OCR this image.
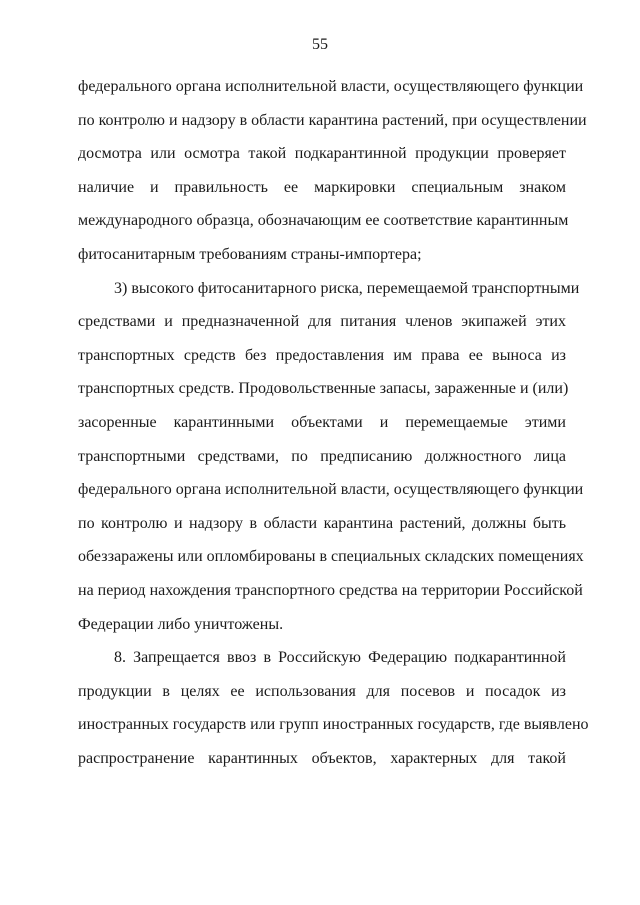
55
федерального органа исполнительной власти, осуществляющего функции
по контролю и надзору в области карантина растений, при осуществлении
досмотра или осмотра такой подкарантинной продукции проверяет
наличие и правильность ее маркировки специальным знаком
международного образца, обозначающим ее соответствие карантинным
фитосанитарным требованиям страны-импортера;
3) высокого фитосанитарного риска, перемещаемой транспортными
средствами и предназначенной для питания членов экипажей этих
транспортных средств без предоставления им права ее выноса из
транспортных средств. Продовольственные запасы, зараженные и (или)
засоренные карантинными объектами и перемещаемые этими
транспортными средствами, по предписанию должностного лица
федерального органа исполнительной власти, осуществляющего функции
по контролю и надзору в области карантина растений, должны быть
обеззаражены или опломбированы в специальных складских помещениях
на период нахождения транспортного средства на территории Российской
Федерации либо уничтожены.
8. Запрещается ввоз в Российскую Федерацию подкарантинной
продукции в целях ее использования для посевов и посадок из
иностранных государств или групп иностранных государств, где выявлено
распространение карантинных объектов, характерных для такой
